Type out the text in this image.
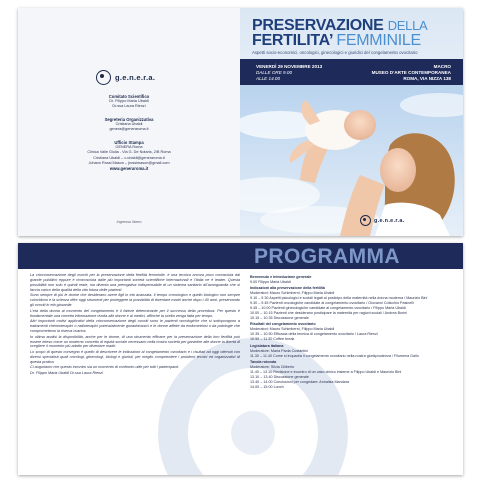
g.e.n.e.r.a.
Comitato Scientifico
Dr. Filippo Maria Ubaldi
Dr.ssa Laura Rienzi
Segreteria Organizzativa
Cristiana Ubaldi
genera@generaroma.it
Ufficio Stampa
GENERA Roma
Clinica Valle Giulia - Via G. De Notaris, 2/B Roma
Cristiana Ubaldi – c.ubaldi@generaroma.it
Johann Rossi Mason – jrossimason@gmail.com
www.generaroma.it
Ingresso libero
PRESERVAZIONE DELLA
FERTILITA’ FEMMINILE
Aspetti socio-economici, oncologici, ginecologici e giuridici del congelamento ovocitario
VENERDÌ 29 NOVEMBRE 2013
DALLE ORE 9.00
ALLE 14.00
MACRO
MUSEO D’ARTE CONTEMPORANEA
ROMA, VIA NIZZA 138
g.e.n.e.r.a.
PROGRAMMA

La crioconservazione degli ovociti per la preservazione della fertilità femminile, è una tecnica ancora poco conosciuta dal grande pubblico eppure è riconosciuta dalle più importanti società scientifiche internazionali e l’Italia ne è leader. Questa possibilità non solo è quindi reale, ma diventa una prerogativa indispensabile di un sistema sanitario all’avanguardia che si faccia carico della qualità della vita futura delle pazienti.

Sono sempre di più le donne che desiderano avere figli in età avanzata. Il tempo cronologico e quello biologico non sempre coincidono e la scienza offre oggi strumenti per proteggere la possibilità di diventare madri anche dopo i 40 anni, preservando gli ovociti in età giovanile.

L’età della donna al momento del congelamento è il fattore determinante per il successo della procedura. Per questo è fondamentale una corretta informazione rivolta alle donne e ai medici, affinché la scelta venga fatta per tempo.

Altri importanti motivi applicativi della crioconservazione degli ovociti sono le pazienti oncologiche che si sottopongono a trattamenti chemioterapici o radioterapici potenzialmente gonadotossici e le donne affette da endometriosi o da patologie che compromettono la riserva ovarica.

In ultima analisi la disponibilità, anche per le donne, di una strumento efficace per la preservazione della loro fertilità può essere inteso come un moderno concetto di equità sociale necessario nella nostra società per garantire alle donne la libertà di scegliere il momento più adatto per diventare madri.

Lo scopo di questo convegno è quello di descrivere le indicazioni al congelamento ovocitario e i risultati ad oggi ottenuti con diversi specialisti quali oncologi, ginecologi, biologi e giuristi, per meglio comprendere i problemi tecnici ed organizzativi di questa pratica.

Ci auguriamo che questo incontro sia un momento di confronto utile per tutti i partecipanti.

Dr. Filippo Maria Ubaldi Dr.ssa Laura Rienzi

Benvenuto e Introduzione generale
9.00 Filippo Maria Ubaldi
Indicazioni alla preservazione della fertilità
Moderatori: Mauro Schimberni, Filippo Maria Ubaldi
9.10 – 9.30 Aspetti psicologici e sociali legati al posticipo della maternità nella donna moderna / Maurizio Bini
9.30 – 9.45 Pazienti oncologiche candidate al congelamento ovocitario / Giovanni Coticchio Pasinelli
9.45 – 10.00 Pazienti ginecologiche candidate al congelamento ovocitario / Filippo Maria Ubaldi
10.00 – 10.15 Pazienti che desiderano posticipare la maternità per ragioni sociali / Andrea Borini
10.15 – 10.35 Discussione generale
Risultati del congelamento ovocitario
Moderatori: Mauro Schimberni, Filippo Maria Ubaldi
10.35 – 10.50 Efficacia della tecnica di congelamento ovocitario / Laura Rienzi
10.50 – 11.30 Coffee break
Legislatura italiana
Moderatore: Maria Paola Costantini
11.30 – 11.40 Come si inquadra il congelamento ovocitario nella nostra giurisprudenza / Filomena Gallo
Tavola rotonda
Moderatore: Silvia Ciliberto
11.40 – 13.10 Revisione e incontro di un caso clinico insieme a Filippo Ubaldi e Maurizio Bini
13.10 – 13.40 Discussione generale
13.40 – 14.00 Conclusioni per congedare: Annalisa Mandara
14.00 – 15.00 Lunch
